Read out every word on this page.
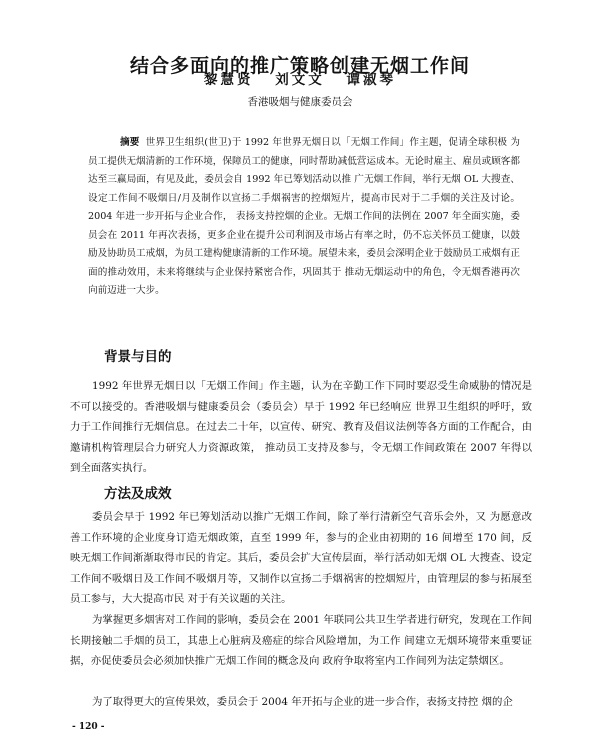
结合多面向的推广策略创建无烟工作间
黎慧贤 刘文文 谭淑琴
香港吸烟与健康委员会

摘要 世界卫生组织(世卫)于 1992 年世界无烟日以「无烟工作间」作主题，促请全球积极 为员工提供无烟清新的工作环境，保障员工的健康，同时帮助减低营运成本。无论时雇主、雇员或顾客都达至三赢局面，有见及此，委员会自 1992 年已筹划活动以推 广无烟工作间，举行无烟 OL 大搜查、设定工作间不吸烟日/月及制作以宣扬二手烟祸害的控烟短片，提高市民对于二手烟的关注及讨论。2004 年进一步开拓与企业合作， 表扬支持控烟的企业。无烟工作间的法例在 2007 年全面实施，委员会在 2011 年再次表扬，更多企业在提升公司利润及市场占有率之时，仍不忘关怀员工健康，以鼓 励及协助员工戒烟，为员工建构健康清新的工作环境。展望未来，委员会深明企业于鼓励员工戒烟有正面的推动效用，未来将继续与企业保持紧密合作，巩固其于 推动无烟运动中的角色，令无烟香港再次向前迈进一大步。

背景与目的

1992 年世界无烟日以「无烟工作间」作主题，认为在辛勤工作下同时要忍受生命威胁的情况是不可以接受的。香港吸烟与健康委员会（委员会）早于 1992 年已经响应 世界卫生组织的呼吁，致力于工作间推行无烟信息。在过去二十年，以宣传、研究、教育及倡议法例等各方面的工作配合，由邀请机构管理层合力研究人力资源政策， 推动员工支持及参与，令无烟工作间政策在 2007 年得以到全面落实执行。

方法及成效

委员会早于 1992 年已筹划活动以推广无烟工作间，除了举行清新空气音乐会外，又 为愿意改善工作环境的企业度身订造无烟政策，直至 1999 年，参与的企业由初期的 16 间增至 170 间，反映无烟工作间渐渐取得市民的肯定。其后，委员会扩大宣传层面，举行活动如无烟 OL 大搜查、设定工作间不吸烟日及工作间不吸烟月等，又制作以宣扬二手烟祸害的控烟短片，由管理层的参与拓展至员工参与，大大提高市民 对于有关议题的关注。

为掌握更多烟害对工作间的影响，委员会在 2001 年联同公共卫生学者进行研究，发现在工作间长期接触二手烟的员工，其患上心脏病及癌症的综合风险增加，为工作 间建立无烟环境带来重要证据，亦促使委员会必须加快推广无烟工作间的概念及向 政府争取将室内工作间列为法定禁烟区。

为了取得更大的宣传果效，委员会于 2004 年开拓与企业的进一步合作，表扬支持控 烟的企

- 120 -
